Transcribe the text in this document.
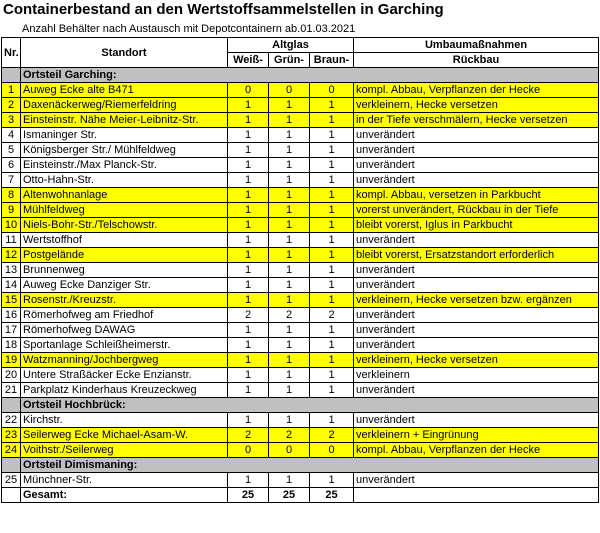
Containerbestand an den Wertstoffsammelstellen in Garching
Anzahl Behälter nach Austausch mit Depotcontainern ab.01.03.2021
Nr.	Standort	Altglas			Umbaumaßnahmen
		Weiß-	Grün-	Braun-	Rückbau
	Ortsteil Garching:				
1	Auweg Ecke alte B471	0	0	0	kompl. Abbau, Verpflanzen der Hecke
2	Daxenäckerweg/Riemerfeldring	1	1	1	verkleinern, Hecke versetzen
3	Einsteinstr. Nähe Meier-Leibnitz-Str.	1	1	1	in der Tiefe verschmälern, Hecke versetzen
4	Ismaninger Str.	1	1	1	unverändert
5	Königsberger Str./ Mühlfeldweg	1	1	1	unverändert
6	Einsteinstr./Max Planck-Str.	1	1	1	unverändert
7	Otto-Hahn-Str.	1	1	1	unverändert
8	Altenwohnanlage	1	1	1	kompl. Abbau, versetzen in Parkbucht
9	Mühlfeldweg	1	1	1	vorerst unverändert, Rückbau in der Tiefe
10	Niels-Bohr-Str./Telschowstr.	1	1	1	bleibt vorerst, Iglus in Parkbucht
11	Wertstoffhof	1	1	1	unverändert
12	Postgelände	1	1	1	bleibt vorerst, Ersatzstandort erforderlich
13	Brunnenweg	1	1	1	unverändert
14	Auweg Ecke Danziger Str.	1	1	1	unverändert
15	Rosenstr./Kreuzstr.	1	1	1	verkleinern, Hecke versetzen bzw. ergänzen
16	Römerhofweg am Friedhof	2	2	2	unverändert
17	Römerhofweg DAWAG	1	1	1	unverändert
18	Sportanlage Schleißheimerstr.	1	1	1	unverändert
19	Watzmanning/Jochbergweg	1	1	1	verkleinern, Hecke versetzen
20	Untere Straßäcker Ecke Enzianstr.	1	1	1	verkleinern
21	Parkplatz Kinderhaus Kreuzeckweg	1	1	1	unverändert
	Ortsteil Hochbrück:				
22	Kirchstr.	1	1	1	unverändert
23	Seilerweg Ecke Michael-Asam-W.	2	2	2	verkleinern + Eingrünung
24	Voithstr./Seilerweg	0	0	0	kompl. Abbau, Verpflanzen der Hecke
	Ortsteil Dimismaning:				
25	Münchner-Str.	1	1	1	unverändert
	Gesamt:	25	25	25	
